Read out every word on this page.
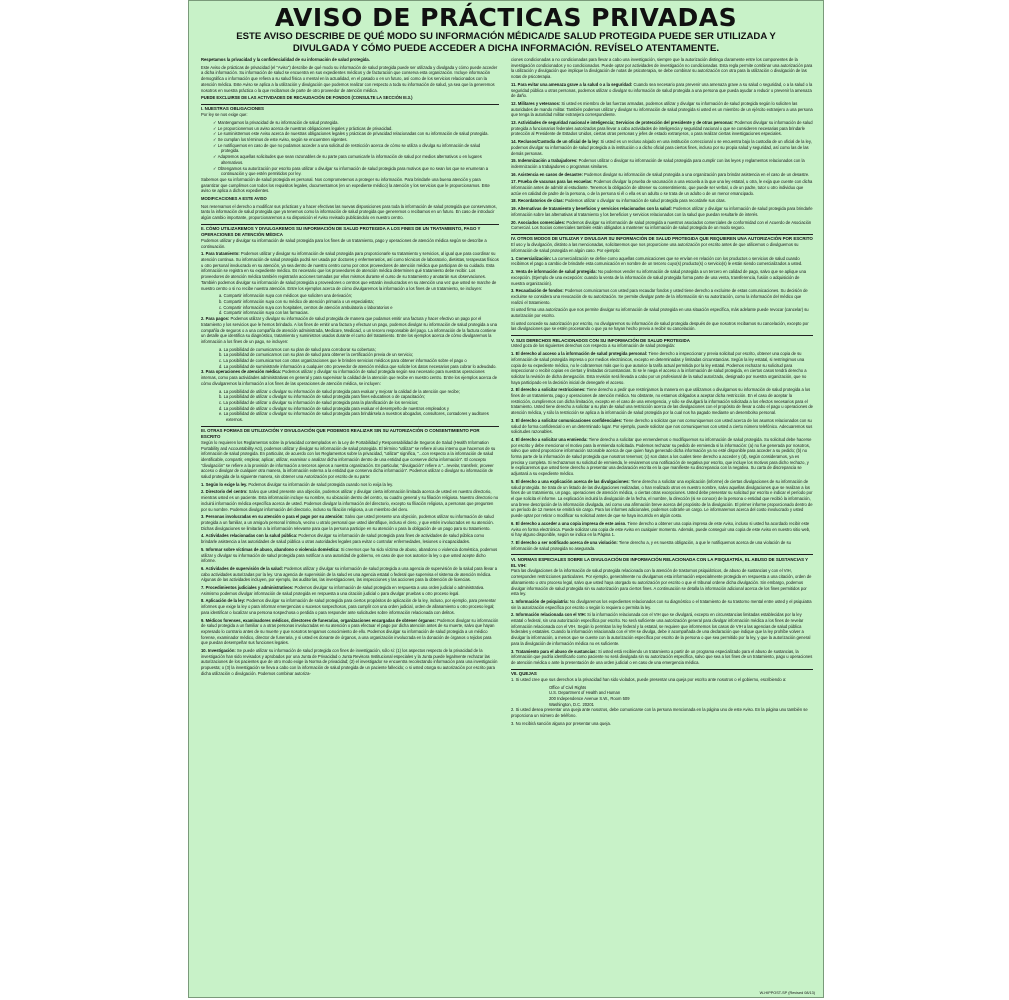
AVISO DE PRÁCTICAS PRIVADAS
ESTE AVISO DESCRIBE DE QUÉ MODO SU INFORMACIÓN MÉDICA/DE SALUD PROTEGIDA PUEDE SER UTILIZADA Y DIVULGADA Y CÓMO PUEDE ACCEDER A DICHA INFORMACIÓN. REVÍSELO ATENTAMENTE.
Respetamos la privacidad y la confidencialidad de su información de salud protegida.
Este Aviso de prácticas de privacidad (el "Aviso") describe de qué modo su información de salud protegida puede ser utilizada y divulgada y cómo puede acceder a dicha información. Su información de salud se encuentra en sus expedientes médicos y de facturación que conserva esta organización. Incluye información demográfica o información que refiera a su salud física o mental en la actualidad, en el pasado o en un futuro, así como de los servicios relacionados con la atención médica. Este Aviso se aplica a la utilización y divulgación que podemos realizar con respecto a toda su información de salud, ya sea que la generemos nosotros en nuestra práctica o la que recibamos de parte de otro proveedor de atención médica.
PUEDE EXCLUIRSE DE LAS ACTIVIDADES DE RECAUDACIÓN DE FONDOS (CONSULTE LA SECCIÓN III.3.)
I. NUESTRAS OBLIGACIONES
Por ley se nos exige que:
✓ Mantengamos la privacidad de su información de salud protegida.
✓ Le proporcionemos un aviso acerca de nuestras obligaciones legales y prácticas de privacidad.
✓ Le suministremos este Aviso acerca de nuestras obligaciones legales y prácticas de privacidad relacionadas con su información de salud protegida.
✓ Se cumplan los términos de este Aviso, según se encuentren vigentes.
✓ Le notifiquemos en caso de que no podamos acceder a una solicitud de restricción acerca de cómo se utiliza o divulga su información de salud protegida.
✓ Adaptemos aquellas solicitudes que sean razonables de su parte para comunicarle la información de salud por medios alternativos o en lugares alternativos.
✓ Obtengamos su autorización por escrito para utilizar o divulgar su información de salud protegida para motivos que no sean los que se enumeran a continuación y que estén permitidos por ley.
Sabemos que su información de salud protegida es personal. Nos comprometemos a proteger su información. Para brindarle una buena atención y para garantizar que cumplimos con todos los requisitos legales, documentamos (en un expediente médico) la atención y los servicios que le proporcionamos. Este aviso se aplica a dichos expedientes.
MODIFICACIONES A ESTE AVISO
Nos reservamos el derecho a modificar sus prácticas y a hacer efectivas las nuevas disposiciones para toda la información de salud protegida que conservamos, tanto la información de salud protegida que ya tenemos como la información de salud protegida que generemos o recibamos en un futuro. En caso de introducir algún cambio importante, proporcionaremos a su disposición el Aviso revisado publicándolo en nuestro centro.
II. CÓMO UTILIZAREMOS Y DIVULGAREMOS SU INFORMACIÓN DE SALUD PROTEGIDA A LOS FINES DE UN TRATAMIENTO, PAGO Y OPERACIONES DE ATENCIÓN MÉDICA
Podemos utilizar y divulgar su información de salud protegida para los fines de un tratamiento, pago y operaciones de atención médica según se describe a continuación.
1. Para tratamiento: Podemos utilizar y divulgar su información de salud protegida para proporcionarle su tratamiento y servicios, al igual que para coordinar su atención continua. Su información de salud protegida podrá ser usada por doctores y enfermeras/os, así como técnicos de laboratorio, dietistas, terapeutas físicos u otro personal involucrado en su atención, ya sea dentro de nuestro centro como por otros proveedores de atención médica que participan de su cuidado. Esta información se registra en su expediente médico. Es necesario que los proveedores de atención médica determinen qué tratamiento debe recibir. Los proveedores de atención médica también registrarán acciones tomadas por ellos mismos durante el curso de su tratamiento y anotarán sus observaciones. También podemos divulgar su información de salud protegida a proveedores o centros que estarán involucrados en su atención una vez que usted se marche de nuestro centro o si no recibe nuestra atención. Entre los ejemplos acerca de cómo divulgaremos la información a los fines de un tratamiento, se incluyen:
a. Compartir información suya con médicos que soliciten una derivación;
b. Compartir información suya con su médico de atención primaria o un especialista;
c. Compartir información suya con hospitales, centros de atención ambulatoria o laboratorios e
d. Compartir información suya con las farmacias.
2. Para pagos: Podemos utilizar y divulgar su información de salud protegida de manera que podamos emitir una factura y hacer efectivo un pago por el tratamiento y los servicios que le hemos brindado. A los fines de emitir una factura y efectuar un pago, podemos divulgar su información de salud protegida a una compañía de seguros o a una compañía de atención administrada, Medicare, Medicaid, o un tercero responsable del pago. La información de la factura contiene un detalle que identifica su diagnóstico, tratamiento y suministros usados durante el curso del tratamiento. Entre los ejemplos acerca de cómo divulgaremos la información a los fines de un pago, se incluyen:
a. La posibilidad de comunicarnos con su plan de salud para corroborar su cobertura;
b. La posibilidad de comunicarnos con su plan de salud para obtener la certificación previa de un servicio;
c. La posibilidad de comunicarnos con otras organizaciones que le brinden servicios médicos para obtener información sobre el pago o
d. La posibilidad de suministrarle información a cualquier otro proveedor de atención médica que solicite los datos necesarios para cobrar lo adeudado.
3. Para operaciones de atención médica: Podemos utilizar y divulgar su información de salud protegida según sea necesario para nuestras operaciones internas, como para actividades administrativas en general y para supervisar la calidad de la atención que recibe en nuestro centro. Entre los ejemplos acerca de cómo divulgaremos la información a los fines de las operaciones de atención médica, se incluyen:
a. La posibilidad de utilizar o divulgar su información de salud protegida para evaluar y mejorar la calidad de la atención que recibe;
b. La posibilidad de utilizar o divulgar su información de salud protegida para fines educativos o de capacitación;
c. La posibilidad de utilizar o divulgar su información de salud protegida para la planificación de los servicios;
d. La posibilidad de utilizar o divulgar su información de salud protegida para evaluar el desempeño de nuestros empleados y
e. La posibilidad de utilizar o divulgar su información de salud protegida para brindársela a nuestros abogados, consultores, contadores y auditores externos.
III. OTRAS FORMAS DE UTILIZACIÓN Y DIVULGACIÓN QUE PODEMOS REALIZAR SIN SU AUTORIZACIÓN O CONSENTIMIENTO POR ESCRITO
Según lo requieren los Reglamentos sobre la privacidad contemplados en la Ley de Portabilidad y Responsabilidad de Seguros de Salud (Health Information Portability and Accountability Act), podemos utilizar y divulgar su información de salud protegida. El término "utilizar" se refiere al uso interno que hacemos de su información de salud protegida. En particular, de acuerdo con los Reglamentos sobre la privacidad, "utilizar" significa, "...con respecto a la información de salud identificable, compartir, emplear, aplicar, utilizar, examinar o analizar dicha información dentro de una entidad que conserve dicha información". El concepto "divulgación" se refiere a la provisión de información a terceros ajenos a nuestra organización. En particular, "divulgación" refiere a "...revelar, transferir, proveer acceso o divulgar de cualquier otra manera, la información externa a la entidad que conserva dicha información". Podemos utilizar o divulgar su información de salud protegida de la siguiente manera, sin obtener una Autorización por escrito de su parte:
1. Según lo exige la ley. Podemos divulgar su información de salud protegida cuando nos lo exija la ley.
2. Directorio del centro: Salvo que usted presente una objeción, podemos utilizar y divulgar cierta información limitada acerca de usted en nuestro directorio, mientras usted es un paciente. Esta información incluye su nombre, su ubicación dentro del centro, su cuadro general y su filiación religiosa. Nuestro directorio no incluirá información médica específica acerca de usted. Podemos divulgar la información del directorio, excepto su filiación religiosa, a personas que pregunten por su nombre. Podemos divulgar información del directorio, incluso su filiación religiosa, a un miembro del clero.
3. Personas involucradas en su atención o para el pago por su atención: Salvo que usted presente una objeción, podemos utilizar su información de salud protegida a un familiar, a un amigo/a personal íntimo/a, vecino u otra/o personal que usted identifique, incluso el clero, y que estén involucrados en su atención. Dichas divulgaciones se limitarán a la información relevante para que la persona participe en su atención o para la obligación de un pago para su tratamiento.
4. Actividades relacionadas con la salud pública: Podemos divulgar su información de salud protegida para fines de actividades de salud pública como brindarle asistencia a las autoridades de salud pública u otras autoridades legales para evitar o controlar enfermedades, lesiones o incapacidades.
5. Informar sobre víctimas de abuso, abandono o violencia doméstica: Si creemos que ha sido víctima de abuso, abandono o violencia doméstica, podemos utilizar y divulgar su información de salud protegida para notificar a una autoridad de gobierno, en caso de que nos autorice la ley o que usted acepte dicho informe.
6. Actividades de supervisión de la salud: Podemos utilizar y divulgar su información de salud protegida a una agencia de supervisión de la salud para llevar a cabo actividades autorizadas por la ley. Una agencia de supervisión de la salud es una agencia estatal o federal que supervisa el sistema de atención médica. Algunas de las actividades incluyen, por ejemplo, las auditorías, las investigaciones, las inspecciones y las acciones para la obtención de licencias.
7. Procedimientos judiciales y administrativos: Podemos divulgar su información de salud protegida en respuesta a una orden judicial o administrativa. Asimismo podemos divulgar información de salud protegida en respuesta a una citación judicial o para divulgar pruebas u otro proceso legal.
8. Aplicación de la ley: Podemos divulgar su información de salud protegida para ciertos propósitos de aplicación de la ley, incluso, por ejemplo, para presentar informes que exige la ley o para informar emergencias o sucesos sospechosos, para cumplir con una orden judicial, orden de allanamiento u otro proceso legal; para identificar o localizar una persona sospechosa o perdida o para responder ante solicitudes sobre información relacionada con delitos.
9. Médicos forenses, examinadores médicos, directores de funerarias, organizaciones encargadas de obtener órganos: Podemos divulgar su información de salud protegida a un familiar o a otras personas involucradas en su atención o para efectuar el pago por dicha atención antes de su muerte, salvo que hayan expresado lo contrario antes de su muerte y que nosotros tengamos conocimiento de ello. Podemos divulgar su información de salud protegida a un médico forense, examinador médico, director de funeraria, y si usted es donante de órganos, a una organización involucrada en la donación de órganos o tejidos para que puedan desempeñar sus funciones legales.
10. Investigación: Se puede utilizar su información de salud protegida con fines de investigación, sólo si: (1) los aspectos respecto de la privacidad de la investigación han sido revisados y aprobados por una Junta de Privacidad o Junta Revisora Institucional especiales y la Junta puede legalmente rechazar las autorizaciones de los pacientes que de otro modo exige la Norma de privacidad; (2) el investigador se encuentra recolectando información para una investigación propuesta; o (3) la investigación se lleva a cabo con la información de salud protegida de un paciente fallecido; o si usted otorga su autorización por escrito para dicha utilización o divulgación. Podemos combinar autoriza-
ciones condicionadas a no condicionadas para llevar a cabo una investigación, siempre que la autorización distinga claramente entre los componentes de la investigación condicionados y no condicionados. Puede optar por actividades de investigación no condicionadas. Esta regla permite combinar una autorización para la utilización y divulgación que implique la divulgación de notas de psicoterapia, se debe combinar su autorización con otra para la utilización o divulgación de las notas de psicoterapia.
11. Para evitar una amenaza grave a la salud o a la seguridad: Cuando sea necesario para prevenir una amenaza grave a su salud o seguridad, o a la salud o la seguridad pública u otras personas, podemos utilizar o divulgar su información de salud protegida a una persona que pueda ayudar a reducir o prevenir la amenaza de daño.
12. Militares y veteranos: Si usted es miembro de las fuerzas armadas, podemos utilizar y divulgar su información de salud protegida según lo soliciten las autoridades de mando militar. También podemos utilizar y divulgar su información de salud protegida si usted es un miembro de un ejército extranjero a una persona que tenga la autoridad militar extranjera correspondiente.
13. Actividades de seguridad nacional e inteligencia; Servicios de protección del presidente y de otras personas: Podemos divulgar su información de salud protegida a funcionarios federales autorizados para llevar a cabo actividades de inteligencia y seguridad nacional o que se consideren necesarias para brindarle protección al Presidente de Estados Unidos, ciertas otras personas y jefes de estado extranjeros, o para realizar ciertas investigaciones especiales.
14. Reclusos/Custodia de un oficial de la ley: Si usted es un recluso alojado en una institución correccional o se encuentra bajo la custodia de un oficial de la ley, podemos divulgar su información de salud protegida a la institución o a dicho oficial para ciertos fines, incluso por su propia salud y seguridad, así como las de las demás personas.
15. Indemnización a trabajadores: Podemos utilizar o divulgar su información de salud protegida para cumplir con las leyes y reglamentos relacionados con la indemnización a trabajadores o programas similares.
16. Asistencia en casos de desastre: Podemos divulgar su información de salud protegida a una organización para brindar asistencia en el caso de un desastre.
17. Prueba de vacunas para las escuelas: Podemos divulgar la prueba de vacunación a una escuela a la que una ley estatal, u otra, le exija que cuente con dicha información antes de admitir al estudiante. Tenemos la obligación de obtener su consentimiento, que puede ser verbal, o de un padre, tutor u otro individuo que actúe en calidad de padre de la persona, o de la persona si él o ella es un adulto o se trata de un adulto o de un menor emancipado.
18. Recordatorios de citas: Podemos utilizar o divulgar su información de salud protegida para recordarle sus citas.
19. Alternativas de tratamiento y beneficios y servicios relacionados con la salud: Podemos utilizar y divulgar su información de salud protegida para brindarle información sobre las alternativas al tratamiento y los beneficios y servicios relacionados con la salud que puedan resultarle de interés.
20. Asociados comerciales: Podemos divulgar su información de salud protegida a nuestros asociados comerciales de conformidad con el Acuerdo de Asociación Comercial. Los Socios comerciales también están obligados a mantener su información de salud protegida de un modo seguro.
IV. OTROS MODOS DE UTILIZAR Y DIVULGAR SU INFORMACIÓN DE SALUD PROTEGIDA QUE REQUIEREN UNA AUTORIZACIÓN POR ESCRITO
El uso y la divulgación, distinto a las mencionadas, solicitaremos que nos proporcione una autorización por escrito antes de que utilicemos o divulguemos su información de salud protegida en algún caso. Por ejemplo:
1. Comercialización: La comercialización se define como aquellas comunicaciones que se envían en relación con los productos o servicios de salud cuando recibimos el pago a cambio de brindarle esta comunicación en nombre de un tercero cuyo(s) producto(s) o servicio(s) le están siendo comercializados a usted.
2. Venta de información de salud protegida: No podemos vender su información de salud protegida a un tercero en calidad de pago, salvo que se aplique una excepción. (Ejemplo de una excepción: cuando la venta de la información de salud protegida forma parte de una venta, transferencia, fusión o adquisición de nuestra organización).
3. Recaudación de fondos: Podemos comunicarnos con usted para recaudar fondos y usted tiene derecho a excluirse de estas comunicaciones. Su decisión de excluirse se considera una revocación de su autorización. Se permite divulgar parte de la información sin su autorización, como la información del médico que realizó el tratamiento.
Si usted firma una autorización que nos permite divulgar su información de salud protegida en una situación específica, más adelante puede revocar (cancelar) su autorización por escrito.
Si usted concede su autorización por escrito, no divulgaremos su información de salud protegida después de que nosotros recibamos su cancelación, excepto por las divulgaciones que se estén procesando o que ya se hayan hecho previo a recibir su cancelación.
V. SUS DERECHOS RELACIONADOS CON SU INFORMACIÓN DE SALUD PROTEGIDA
Usted goza de los siguientes derechos con respecto a su información de salud protegida:
1. El derecho al acceso a la información de salud protegida personal: Tiene derecho a inspeccionar y previa solicitud por escrito, obtener una copia de su información de salud protegida impresa o por medios electrónicos, excepto en determinadas y limitadas circunstancias. Según la ley estatal, si restringimos una copia de su expediente médico, no le cobraremos más que lo que autorice la tarifa actual permitida por la ley estatal. Podemos rechazar su solicitud para inspeccionar o recibir copias en ciertas y limitadas circunstancias. Si se le niega el acceso a la información de salud protegida, en ciertos casos tendrá derecho a solicitar la revisión de dicha denegación. Esta revisión será llevada a cabo por un profesional de la salud autorizado, designado por nuestra organización, que no haya participado en la decisión inicial de denegarle el acceso.
2. El derecho a solicitar restricciones: Tiene derecho a pedir que restrinjamos la manera en que utilizamos o divulgamos su información de salud protegida a los fines de un tratamiento, pago y operaciones de atención médica. No obstante, no estamos obligados a aceptar dicha restricción. En el caso de aceptar la restricción, cumpliremos con dicha limitación, excepto en el caso de una emergencia, y sólo se divulgará la información solicitada a los efectos necesarios para el tratamiento. Usted tiene derecho a solicitar a su plan de salud una restricción acerca de las divulgaciones con el propósito de llevar a cabo el pago u operaciones de atención médica, y sólo la restricción se aplica a la información de salud protegida por la cual nos ha pagado mediante un desembolso personal.
3. El derecho a solicitar comunicaciones confidenciales: Tiene derecho a solicitar que nos comuniquemos con usted acerca de los asuntos relacionados con su salud de forma confidencial o en un determinado lugar. Por ejemplo, puede solicitar que nos comuniquemos con usted a cierto número telefónico. Adecuaremos sus solicitudes razonables.
4. El derecho a solicitar una enmienda: Tiene derecho a solicitar que enmendemos o modifiquemos su información de salud protegida. Su solicitud debe hacerse por escrito y debe mencionar el motivo para la enmienda solicitada. Podemos rechazar su pedido de enmienda si la información: (a) no fue generada por nosotros, salvo que usted proporcione información razonable acerca de que quien haya generado dicha información ya no esté disponible para acceder a su pedido; (b) no forma parte de la información de salud protegida que nosotros tenemos; (c) son datos a los cuales tiene derecho a acceder y (d), según consideramos, ya es precisa y completa. Si rechazamos su solicitud de enmienda, le enviaremos una notificación de negativa por escrito, que incluye los motivos para dicho rechazo, y le explicaremos que usted tiene derecho a presentar una declaración escrita en la que manifieste su discrepancia con la negativa. Su carta de discrepancia se adjuntará a su expediente médico.
5. El derecho a una explicación acerca de las divulgaciones: Tiene derecho a solicitar una explicación (informe) de ciertas divulgaciones de su información de salud protegida. Se trata de un listado de las divulgaciones realizadas, o han realizado otros en nuestro nombre, salvo aquellas divulgaciones que se realizan a los fines de un tratamiento, un pago, operaciones de atención médica, o ciertas otras excepciones. Usted debe presentar su solicitud por escrito e indicar el período por el que solicita el informe. La explicación incluirá la divulgación de la fecha, el nombre, la dirección (si se conoce) de la persona o entidad que recibió la información, una breve descripción de la información divulgada, así como una afirmación breve acerca del propósito de la divulgación. El primer informe proporcionado dentro de un período de 12 meses se emitirá sin cargo. Para los informes adicionales, podemos cobrarle un cargo. Le informaremos acerca del costo involucrado y usted puede optar por retirar o modificar su solicitud antes de que se haya incurrido en algún costo.
6. El derecho a acceder a una copia impresa de este aviso. Tiene derecho a obtener una copia impresa de este Aviso, incluso si usted ha acordado recibir este Aviso en forma electrónica. Puede solicitar una copia de este Aviso en cualquier momento. Además, puede conseguir una copia de este Aviso en nuestro sitio web, si hay alguno disponible, según se indica en la Página 1.
7. El derecho a ser notificado acerca de una violación: Tiene derecho a, y es nuestra obligación, a que le notifiquemos acerca de una violación de su información de salud protegida no asegurada.
VI. NORMAS ESPECIALES SOBRE LA DIVULGACIÓN DE INFORMACIÓN RELACIONADA CON LA PSIQUIATRÍA, EL ABUSO DE SUSTANCIAS Y EL VIH:
Para las divulgaciones de la información de salud protegida relacionada con la atención de trastornos psiquiátricos, de abuso de sustancias y con el VIH, corresponden restricciones particulares. Por ejemplo, generalmente no divulgamos esta información especialmente protegida en respuesta a una citación, orden de allanamiento u otro proceso legal, salvo que usted haya otorgado su autorización por escrito o que el tribunal ordene dicha divulgación. Sin embargo, podemos divulgar información de salud protegida sin su autorización para ciertos fines. A continuación se detalla la información adicional acerca de los fines permitidos por esta ley.
1. Información de psiquiatría: No divulgaremos los expedientes relacionados con su diagnóstico o el tratamiento de su trastorno mental entre usted y el psiquiatra sin la autorización específica por escrito o según lo requiera o permita la ley.
2. Información relacionada con el VIH: Si la información relacionada con el VIH que se divulgará, excepto en circunstancias limitadas establecidas por la ley estatal o federal, sin una autorización específica por escrito. No será suficiente una autorización general para divulgar información médica a los fines de revelar información relacionada con el VIH. Según lo permitan la ley federal y la estatal, se requiere que informemos los casos de VIH a las agencias de salud pública federales y estatales. Cuando la información relacionada con el VIH se divulga, debe ir acompañada de una declaración que indique que la ley prohíbe volver a divulgar la información, a menos que se cuente con la autorización específica por escrito de la persona o que sea permitido por la ley, y que la autorización general para la divulgación de información médica no es suficiente.
3. Tratamiento para el abuso de sustancias: Si usted está recibiendo un tratamiento a partir de un programa especializado para el abuso de sustancias, la información que podría identificarlo como paciente no será divulgada sin su autorización específica, salvo que sea a los fines de un tratamiento, pago u operaciones de atención médica o ante la presentación de una orden judicial o en caso de una emergencia médica.
VII. QUEJAS
1. Si usted cree que sus derechos a la privacidad han sido violados, puede presentar una queja por escrito ante nosotros o el gobierno, escribiendo a:
Office of Civil Rights
U.S. Department of Health and Human
200 Independence Avenue S.W., Room 509
Washington, D.C. 20201
2. Si usted desea presentar una queja ante nosotros, debe comunicarse con la persona mencionada en la página uno de este Aviso. En la página uno también se proporciona un número de teléfono.
3. No recibirá sanción alguna por presentar una queja.
W-HIPPOST-SP (Revised 08/13)
